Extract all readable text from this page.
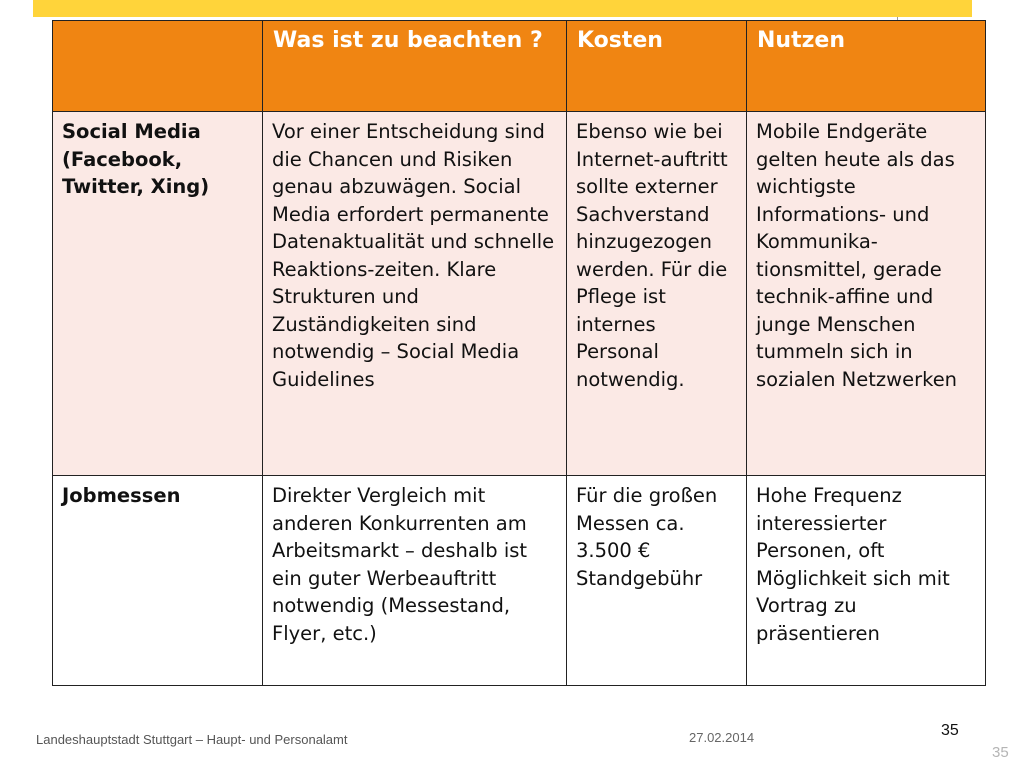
	Was ist zu beachten ?	Kosten	Nutzen
Social Media (Facebook, Twitter, Xing)	Vor einer Entscheidung sind die Chancen und Risiken genau abzuwägen. Social Media erfordert permanente Datenaktualität und schnelle Reaktions-zeiten. Klare Strukturen und Zuständigkeiten sind notwendig – Social Media Guidelines	Ebenso wie bei Internet-auftritt sollte externer Sachverstand hinzugezogen werden. Für die Pflege ist internes Personal notwendig.	Mobile Endgeräte gelten heute als das wichtigste Informations- und Kommunika-tionsmittel, gerade technik-affine und junge Menschen tummeln sich in sozialen Netzwerken
Jobmessen	Direkter Vergleich mit anderen Konkurrenten am Arbeitsmarkt – deshalb ist ein guter Werbeauftritt notwendig (Messestand, Flyer, etc.)	Für die großen Messen ca. 3.500 € Standgebühr	Hohe Frequenz interessierter Personen, oft Möglichkeit sich mit Vortrag zu präsentieren
Landeshauptstadt Stuttgart – Haupt- und Personalamt	27.02.2014	35
35
